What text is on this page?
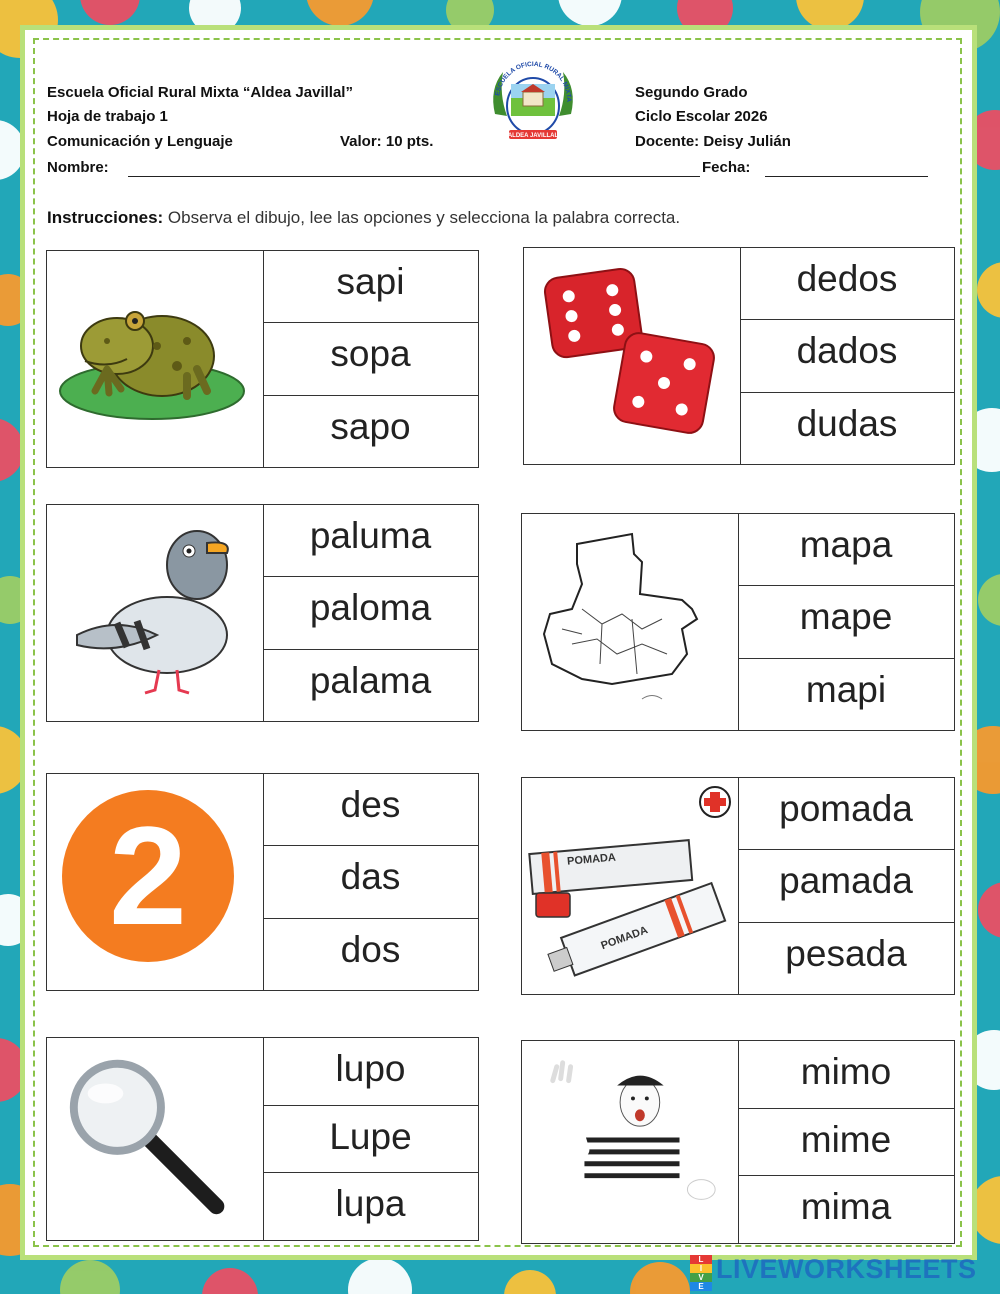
Escuela Oficial Rural Mixta “Aldea Javillal”
Hoja de trabajo 1
Comunicación y Lenguaje	Valor: 10 pts.
Nombre:
Segundo Grado
Ciclo Escolar 2026
Docente: Deisy Julián
Fecha:
ESCUELA OFICIAL RURAL MIXTA
ALDEA JAVILLAL
Instrucciones: Observa el dibujo, lee las opciones y selecciona la palabra correcta.
sapi
sopa
sapo
dedos
dados
dudas
paluma
paloma
palama
mapa
mape
mapi
2	des
das
dos
POMADA
POMADA
pomada
pamada
pesada
lupo
Lupe
lupa
mimo
mime
mima
L
I
V
E
LIVEWORKSHEETS
